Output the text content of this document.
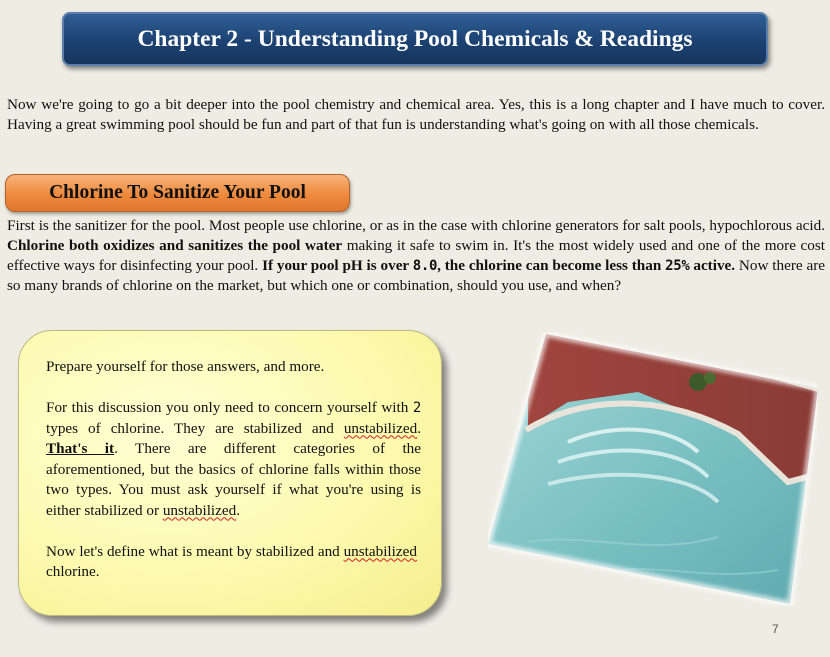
Chapter 2 - Understanding Pool Chemicals & Readings

Now we're going to go a bit deeper into the pool chemistry and chemical area. Yes, this is a long chapter and I have much to cover. Having a great swimming pool should be fun and part of that fun is understanding what's going on with all those chemicals.

Chlorine To Sanitize Your Pool

First is the sanitizer for the pool. Most people use chlorine, or as in the case with chlorine generators for salt pools, hypochlorous acid. Chlorine both oxidizes and sanitizes the pool water making it safe to swim in. It's the most widely used and one of the more cost effective ways for disinfecting your pool. If your pool pH is over 8.0, the chlorine can become less than 25% active. Now there are so many brands of chlorine on the market, but which one or combination, should you use, and when?

Prepare yourself for those answers, and more.

For this discussion you only need to concern yourself with 2 types of chlorine. They are stabilized and unstabilized. That's it. There are different categories of the aforementioned, but the basics of chlorine falls within those two types. You must ask yourself if what you're using is either stabilized or unstabilized.

Now let's define what is meant by stabilized and unstabilized chlorine.

7
